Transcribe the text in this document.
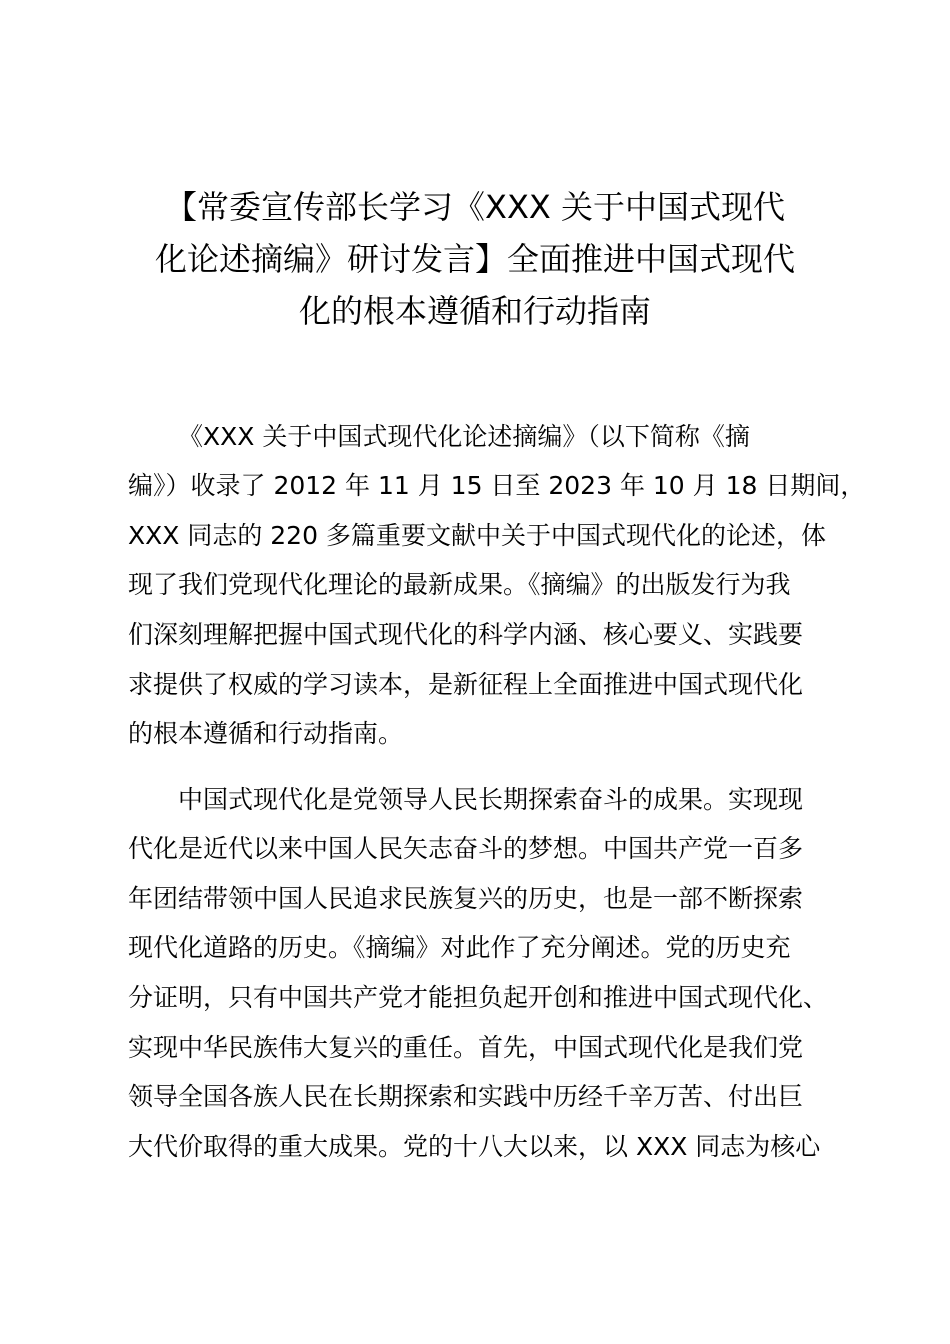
【常委宣传部长学习《XXX 关于中国式现代
化论述摘编》研讨发言】全面推进中国式现代
化的根本遵循和行动指南
《XXX 关于中国式现代化论述摘编》（以下简称《摘
编》）收录了 2012 年 11 月 15 日至 2023 年 10 月 18 日期间，
XXX 同志的 220 多篇重要文献中关于中国式现代化的论述，体
现了我们党现代化理论的最新成果。《摘编》的出版发行为我
们深刻理解把握中国式现代化的科学内涵、核心要义、实践要
求提供了权威的学习读本，是新征程上全面推进中国式现代化
的根本遵循和行动指南。
中国式现代化是党领导人民长期探索奋斗的成果。实现现
代化是近代以来中国人民矢志奋斗的梦想。中国共产党一百多
年团结带领中国人民追求民族复兴的历史，也是一部不断探索
现代化道路的历史。《摘编》对此作了充分阐述。党的历史充
分证明，只有中国共产党才能担负起开创和推进中国式现代化、
实现中华民族伟大复兴的重任。首先，中国式现代化是我们党
领导全国各族人民在长期探索和实践中历经千辛万苦、付出巨
大代价取得的重大成果。党的十八大以来，以 XXX 同志为核心
